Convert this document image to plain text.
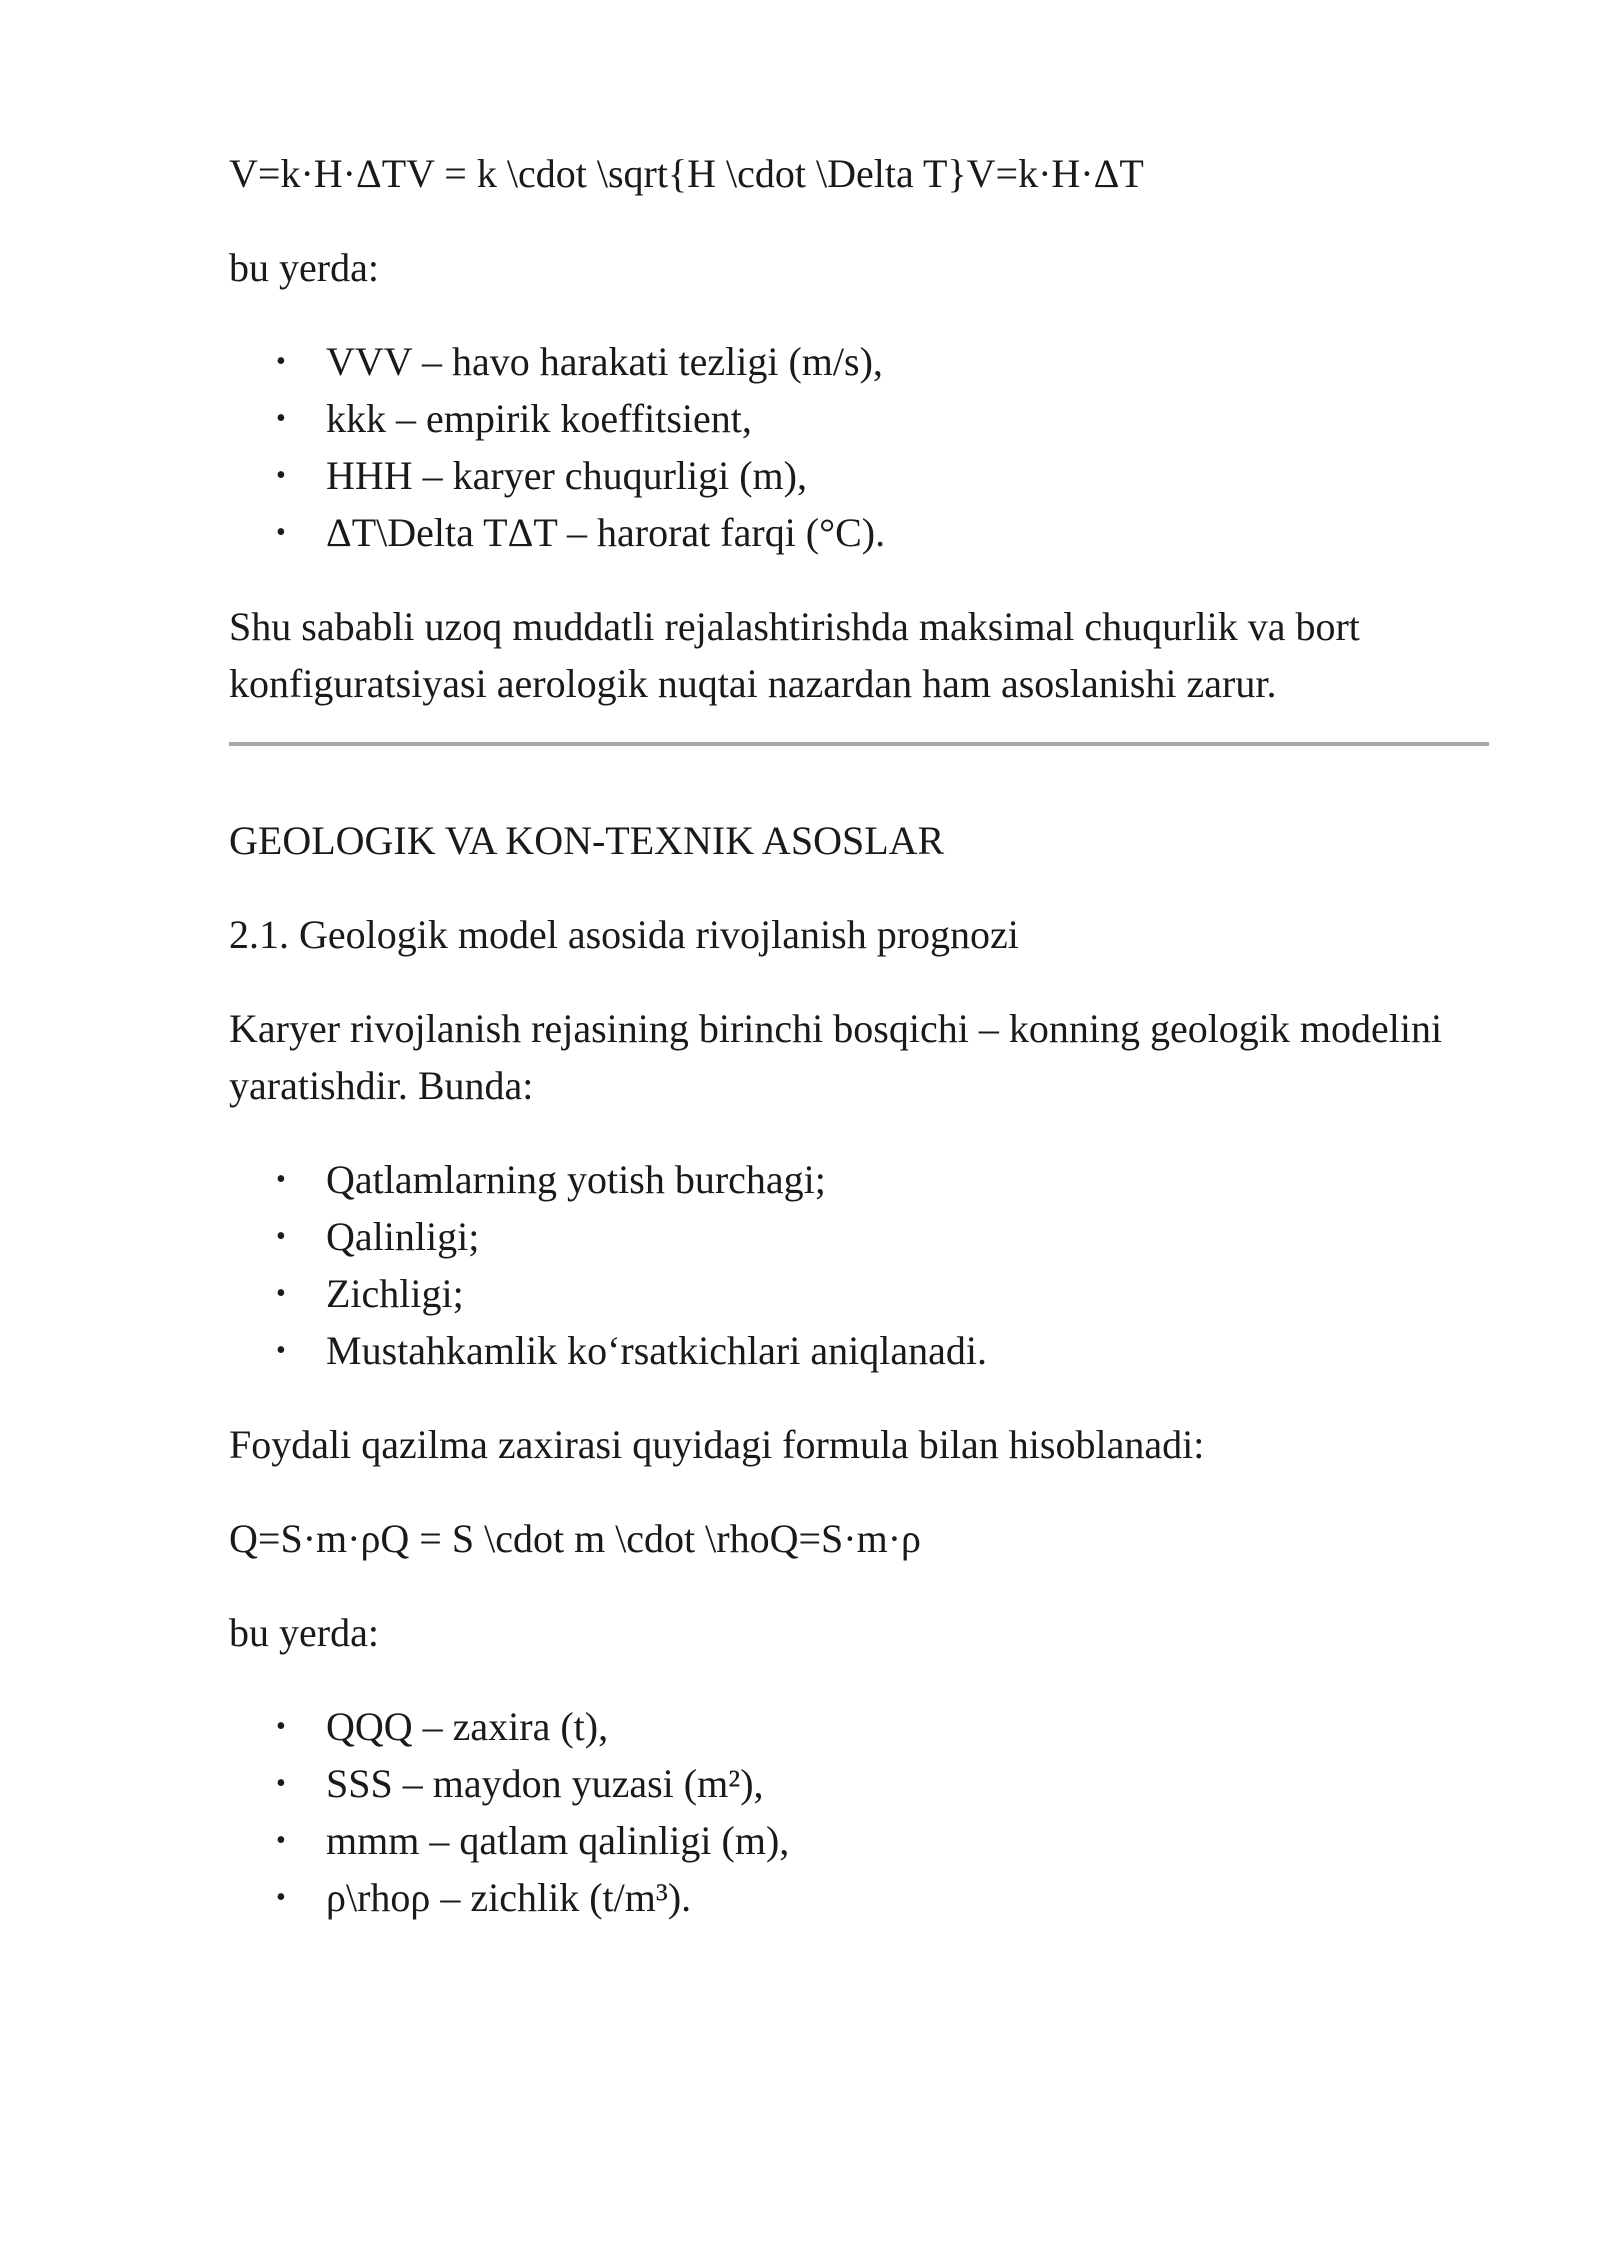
V=k·H·ΔTV = k \cdot \sqrt{H \cdot \Delta T}V=k·H·ΔT

bu yerda:

• VVV – havo harakati tezligi (m/s),
• kkk – empirik koeffitsient,
• HHH – karyer chuqurligi (m),
• ΔT\Delta TΔT – harorat farqi (°C).

Shu sababli uzoq muddatli rejalashtirishda maksimal chuqurlik va bort konfiguratsiyasi aerologik nuqtai nazardan ham asoslanishi zarur.

GEOLOGIK VA KON-TEXNIK ASOSLAR

2.1. Geologik model asosida rivojlanish prognozi

Karyer rivojlanish rejasining birinchi bosqichi – konning geologik modelini yaratishdir. Bunda:

• Qatlamlarning yotish burchagi;
• Qalinligi;
• Zichligi;
• Mustahkamlik ko‘rsatkichlari aniqlanadi.

Foydali qazilma zaxirasi quyidagi formula bilan hisoblanadi:

Q=S·m·ρQ = S \cdot m \cdot \rhoQ=S·m·ρ

bu yerda:

• QQQ – zaxira (t),
• SSS – maydon yuzasi (m²),
• mmm – qatlam qalinligi (m),
• ρ\rhoρ – zichlik (t/m³).
